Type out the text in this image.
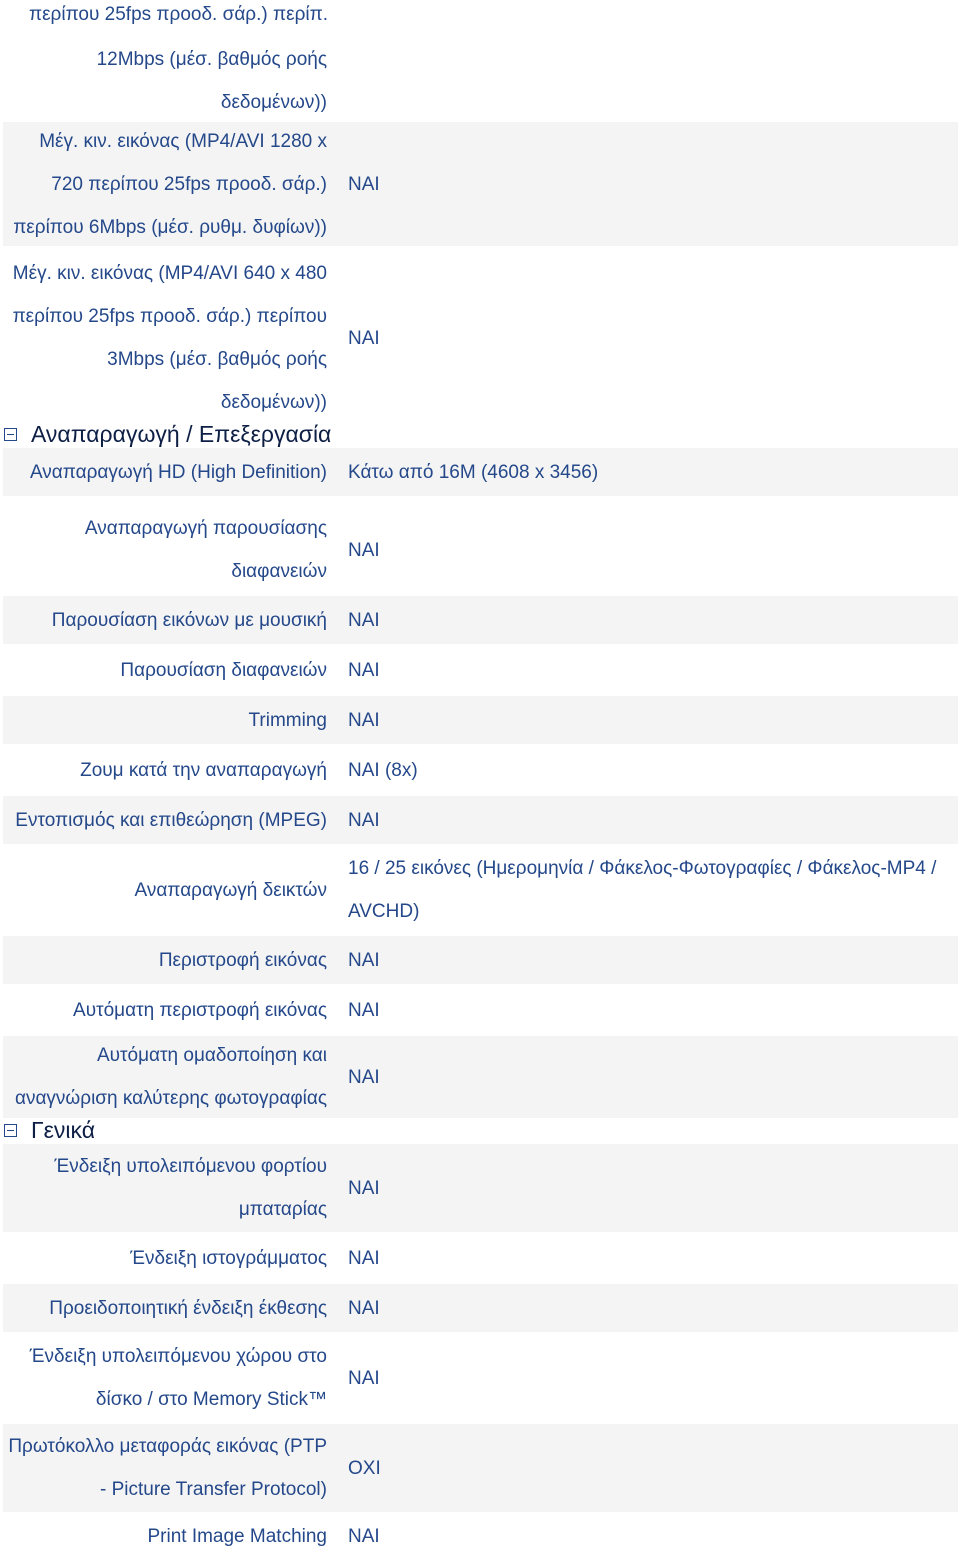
περίπου 25fps προοδ. σάρ.) περίπ.
12Mbps (μέσ. βαθμός ροής δεδομένων))
Μέγ. κιν. εικόνας (MP4/AVI 1280 x 720 περίπου 25fps προοδ. σάρ.) περίπου 6Mbps (μέσ. ρυθμ. δυφίων))
ΝΑΙ
Μέγ. κιν. εικόνας (MP4/AVI 640 x 480 περίπου 25fps προοδ. σάρ.) περίπου 3Mbps (μέσ. βαθμός ροής δεδομένων))
ΝΑΙ
Αναπαραγωγή / Επεξεργασία
Αναπαραγωγή HD (High Definition) Κάτω από 16M (4608 x 3456)
Αναπαραγωγή παρουσίασης διαφανειών
ΝΑΙ
Παρουσίαση εικόνων με μουσική ΝΑΙ
Παρουσίαση διαφανειών ΝΑΙ
Trimming ΝΑΙ
Ζουμ κατά την αναπαραγωγή ΝΑΙ (8x)
Εντοπισμός και επιθεώρηση (MPEG) ΝΑΙ
Αναπαραγωγή δεικτών
16 / 25 εικόνες (Ημερομηνία / Φάκελος-Φωτογραφίες / Φάκελος-MP4 / AVCHD)
Περιστροφή εικόνας ΝΑΙ
Αυτόματη περιστροφή εικόνας ΝΑΙ
Αυτόματη ομαδοποίηση και αναγνώριση καλύτερης φωτογραφίας
ΝΑΙ
Γενικά
Ένδειξη υπολειπόμενου φορτίου μπαταρίας
ΝΑΙ
Ένδειξη ιστογράμματος ΝΑΙ
Προειδοποιητική ένδειξη έκθεσης ΝΑΙ
Ένδειξη υπολειπόμενου χώρου στο δίσκο / στο Memory Stick™
ΝΑΙ
Πρωτόκολλο μεταφοράς εικόνας (PTP - Picture Transfer Protocol)
ΟΧΙ
Print Image Matching ΝΑΙ
